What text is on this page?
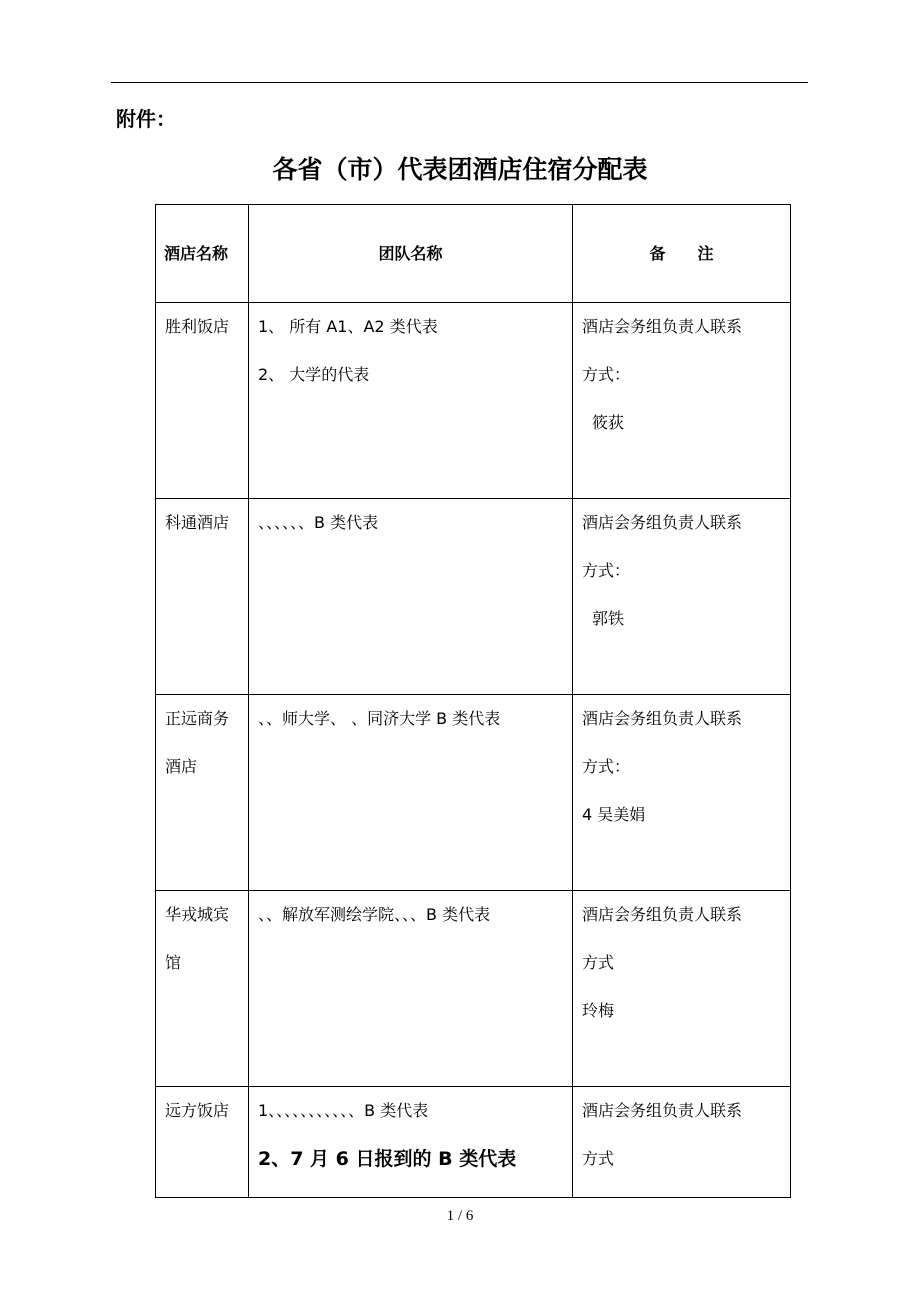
附件：
各省（市）代表团酒店住宿分配表
酒店名称	团队名称	备　　注

胜利饭店	1、 所有 A1、A2 类代表
2、 大学的代表	酒店会务组负责人联系
方式：
筱荻

科通酒店	、、、、、、B 类代表	酒店会务组负责人联系
方式：
郭铁

正远商务
酒店	、、师大学、 、同济大学 B 类代表	酒店会务组负责人联系
方式：
4 吴美娟

华戎城宾
馆	、、解放军测绘学院、、、B 类代表	酒店会务组负责人联系
方式
玲梅

远方饭店	1、、、、、、、、、、、B 类代表
2、7 月 6 日报到的 B 类代表	酒店会务组负责人联系
方式
1 / 6
